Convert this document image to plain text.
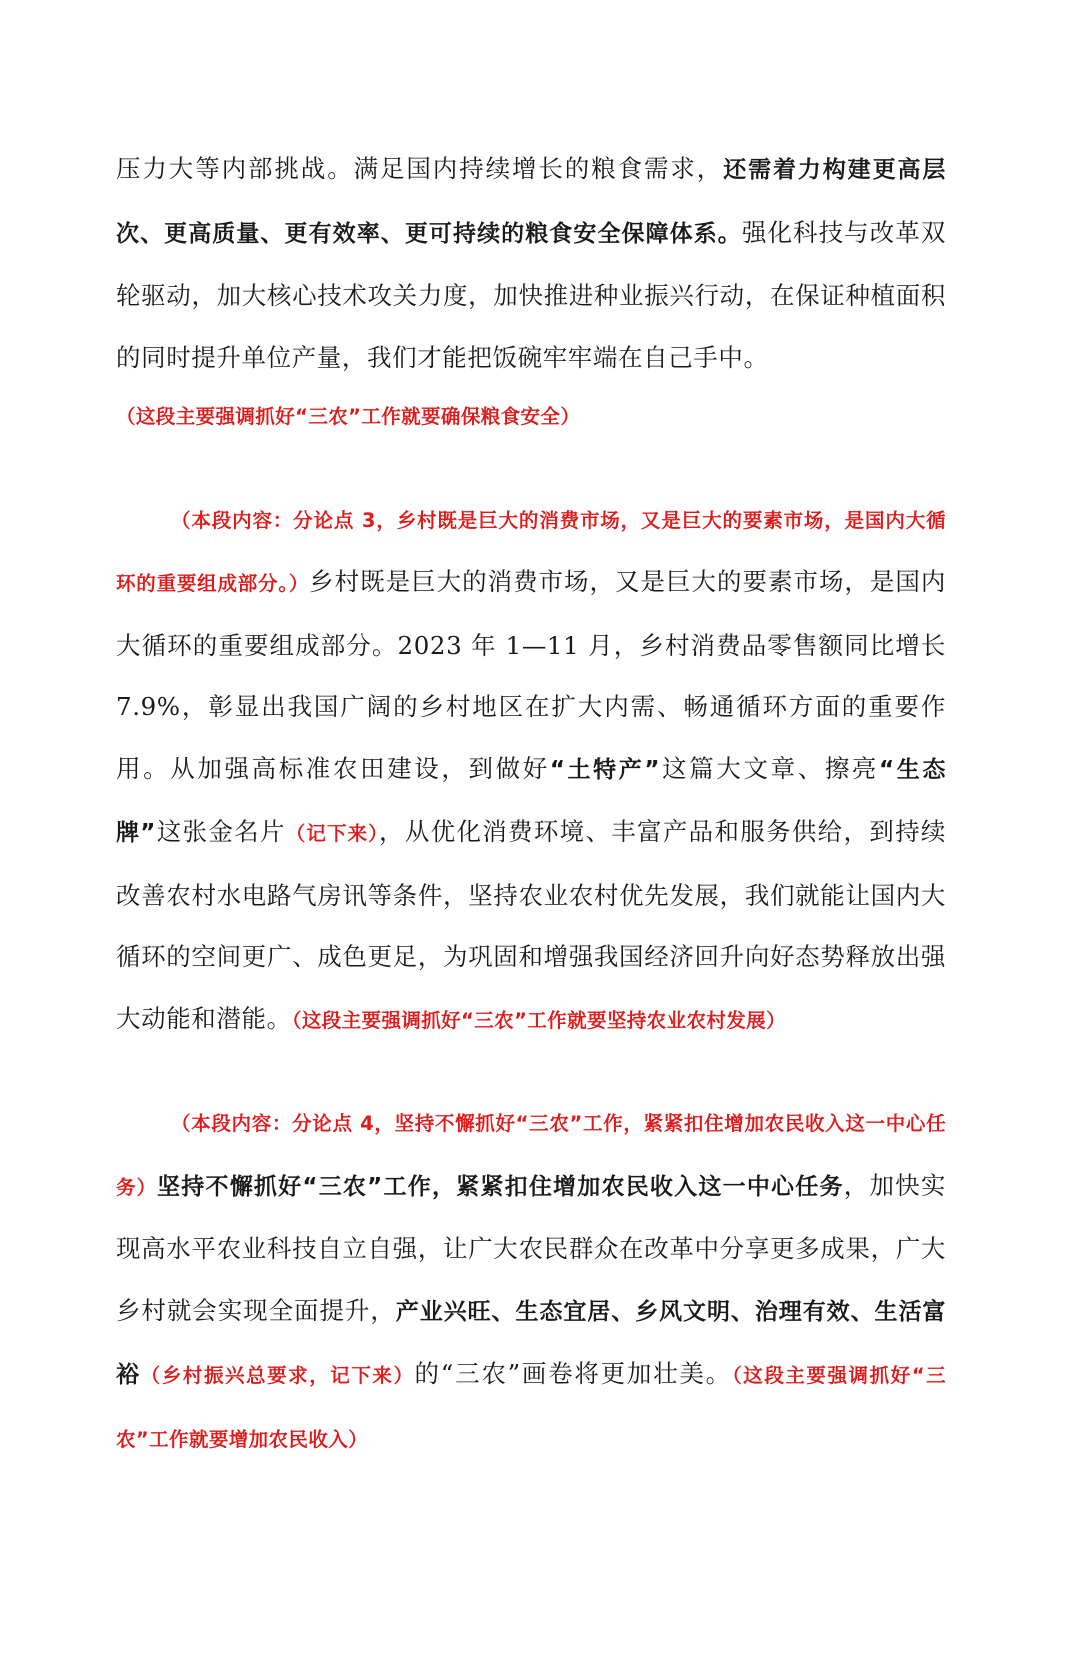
压力大等内部挑战。满足国内持续增长的粮食需求，还需着力构建更高层次、更高质量、更有效率、更可持续的粮食安全保障体系。强化科技与改革双轮驱动，加大核心技术攻关力度，加快推进种业振兴行动，在保证种植面积的同时提升单位产量，我们才能把饭碗牢牢端在自己手中。

（这段主要强调抓好“三农”工作就要确保粮食安全）

（本段内容：分论点 3，乡村既是巨大的消费市场，又是巨大的要素市场，是国内大循环的重要组成部分。）乡村既是巨大的消费市场，又是巨大的要素市场，是国内大循环的重要组成部分。2023 年 1—11 月，乡村消费品零售额同比增长 7.9%，彰显出我国广阔的乡村地区在扩大内需、畅通循环方面的重要作用。从加强高标准农田建设，到做好“土特产”这篇大文章、擦亮“生态牌”这张金名片（记下来），从优化消费环境、丰富产品和服务供给，到持续改善农村水电路气房讯等条件，坚持农业农村优先发展，我们就能让国内大循环的空间更广、成色更足，为巩固和增强我国经济回升向好态势释放出强大动能和潜能。（这段主要强调抓好“三农”工作就要坚持农业农村发展）

（本段内容：分论点 4，坚持不懈抓好“三农”工作，紧紧扣住增加农民收入这一中心任务）坚持不懈抓好“三农”工作，紧紧扣住增加农民收入这一中心任务，加快实现高水平农业科技自立自强，让广大农民群众在改革中分享更多成果，广大乡村就会实现全面提升，产业兴旺、生态宜居、乡风文明、治理有效、生活富裕（乡村振兴总要求，记下来）的“三农”画卷将更加壮美。（这段主要强调抓好“三农”工作就要增加农民收入）
